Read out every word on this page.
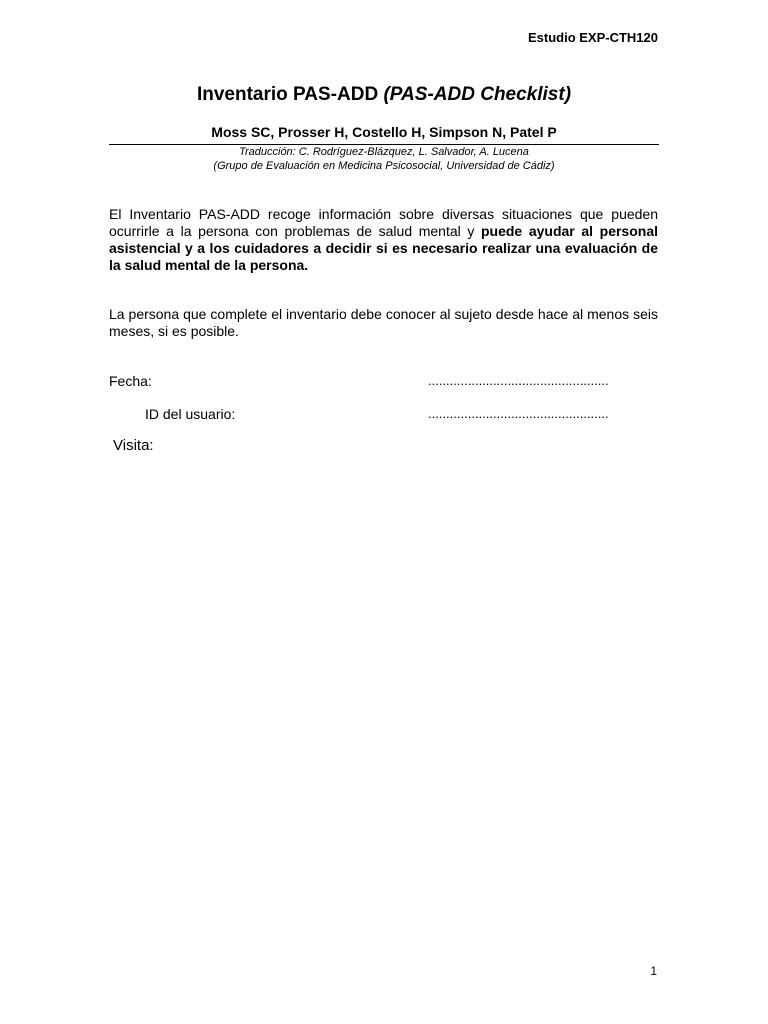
Estudio EXP-CTH120
Inventario PAS-ADD (PAS-ADD Checklist)
Moss SC, Prosser H, Costello H, Simpson N, Patel P
Traducción: C. Rodríguez-Blázquez, L. Salvador, A. Lucena
(Grupo de Evaluación en Medicina Psicosocial, Universidad de Cádiz)
El Inventario PAS-ADD recoge información sobre diversas situaciones que pueden ocurrirle a la persona con problemas de salud mental y puede ayudar al personal asistencial y a los cuidadores a decidir si es necesario realizar una evaluación de la salud mental de la persona.
La persona que complete el inventario debe conocer al sujeto desde hace al menos seis meses, si es posible.
Fecha:	..................................................
ID del usuario:	..................................................
Visita:
1
